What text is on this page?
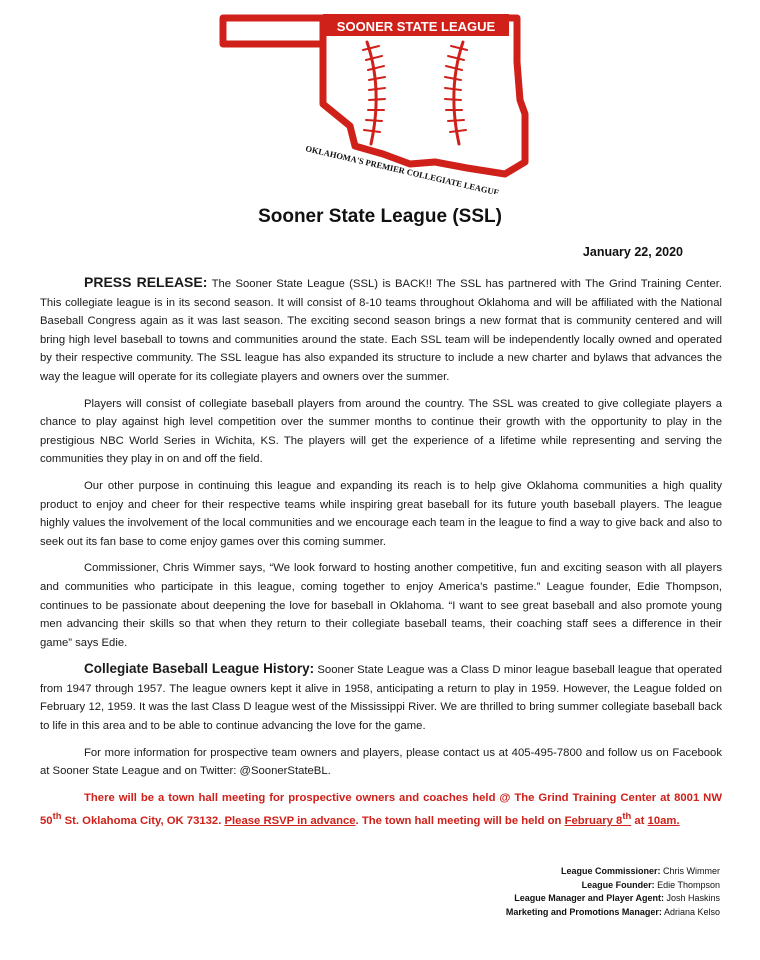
SOONER STATE LEAGUE
OKLAHOMA'S PREMIER COLLEGIATE LEAGUE
Sooner State League (SSL)
January 22, 2020

PRESS RELEASE: The Sooner State League (SSL) is BACK!! The SSL has partnered with The Grind Training Center. This collegiate league is in its second season. It will consist of 8-10 teams throughout Oklahoma and will be affiliated with the National Baseball Congress again as it was last season. The exciting second season brings a new format that is community centered and will bring high level baseball to towns and communities around the state. Each SSL team will be independently locally owned and operated by their respective community. The SSL league has also expanded its structure to include a new charter and bylaws that advances the way the league will operate for its collegiate players and owners over the summer.

Players will consist of collegiate baseball players from around the country. The SSL was created to give collegiate players a chance to play against high level competition over the summer months to continue their growth with the opportunity to play in the prestigious NBC World Series in Wichita, KS. The players will get the experience of a lifetime while representing and serving the communities they play in on and off the field.

Our other purpose in continuing this league and expanding its reach is to help give Oklahoma communities a high quality product to enjoy and cheer for their respective teams while inspiring great baseball for its future youth baseball players. The league highly values the involvement of the local communities and we encourage each team in the league to find a way to give back and also to seek out its fan base to come enjoy games over this coming summer.

Commissioner, Chris Wimmer says, “We look forward to hosting another competitive, fun and exciting season with all players and communities who participate in this league, coming together to enjoy America’s pastime.” League founder, Edie Thompson, continues to be passionate about deepening the love for baseball in Oklahoma. “I want to see great baseball and also promote young men advancing their skills so that when they return to their collegiate baseball teams, their coaching staff sees a difference in their game” says Edie.

Collegiate Baseball League History: Sooner State League was a Class D minor league baseball league that operated from 1947 through 1957. The league owners kept it alive in 1958, anticipating a return to play in 1959. However, the League folded on February 12, 1959. It was the last Class D league west of the Mississippi River. We are thrilled to bring summer collegiate baseball back to life in this area and to be able to continue advancing the love for the game.

For more information for prospective team owners and players, please contact us at 405-495-7800 and follow us on Facebook at Sooner State League and on Twitter: @SoonerStateBL.

There will be a town hall meeting for prospective owners and coaches held @ The Grind Training Center at 8001 NW 50th St. Oklahoma City, OK 73132. Please RSVP in advance. The town hall meeting will be held on February 8th at 10am.

League Commissioner: Chris Wimmer
League Founder: Edie Thompson
League Manager and Player Agent: Josh Haskins
Marketing and Promotions Manager: Adriana Kelso
